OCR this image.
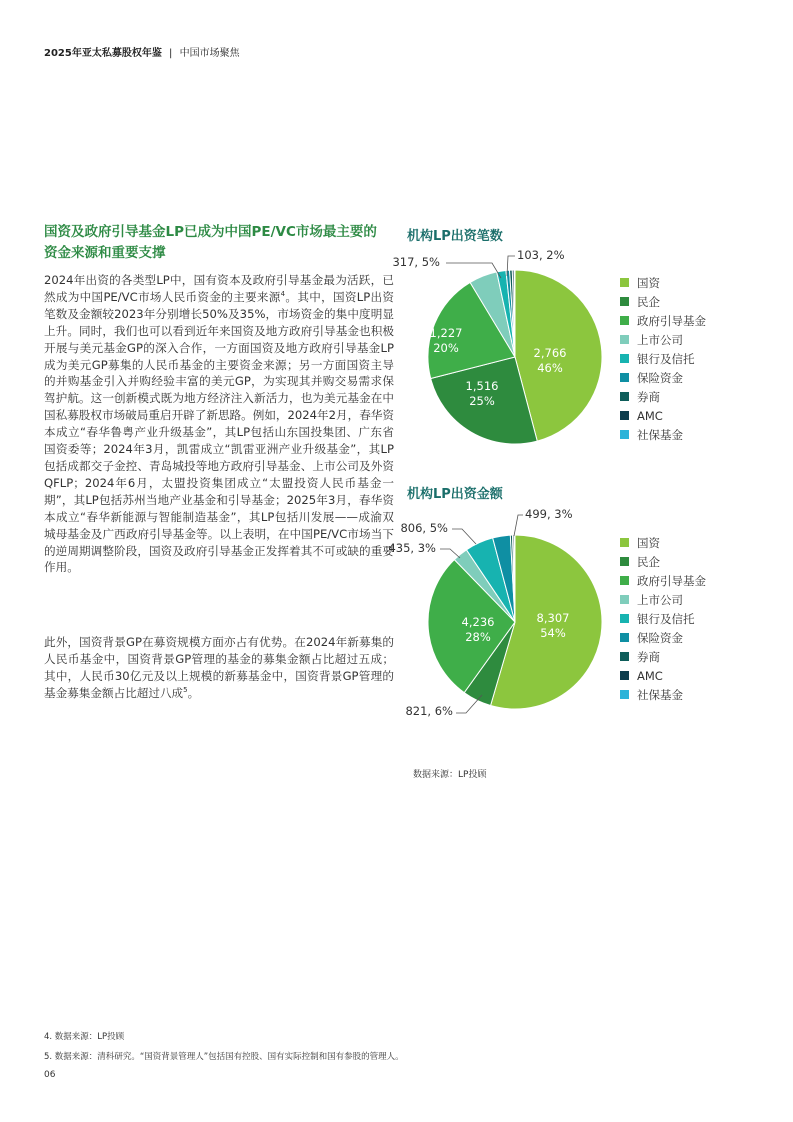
2025年亚太私募股权年鉴 | 中国市场聚焦
国资及政府引导基金LP已成为中国PE/VC市场最主要的资金来源和重要支撑
2024年出资的各类型LP中，国有资本及政府引导基金最为活跃，已然成为中国PE/VC市场人民币资金的主要来源$^4$。其中，国资LP出资笔数及金额较2023年分别增长50%及35%，市场资金的集中度明显上升。同时，我们也可以看到近年来国资及地方政府引导基金也积极开展与美元基金GP的深入合作，一方面国资及地方政府引导基金LP成为美元GP募集的人民币基金的主要资金来源；另一方面国资主导的并购基金引入并购经验丰富的美元GP，为实现其并购交易需求保驾护航。这一创新模式既为地方经济注入新活力，也为美元基金在中国私募股权市场破局重启开辟了新思路。例如，2024年2月，春华资本成立“春华鲁粤产业升级基金”，其LP包括山东国投集团、广东省国资委等；2024年3月，凯雷成立“凯雷亚洲产业升级基金”，其LP包括成都交子金控、青岛城投等地方政府引导基金、上市公司及外资QFLP；2024年6月，太盟投资集团成立“太盟投资人民币基金一期”，其LP包括苏州当地产业基金和引导基金；2025年3月，春华资本成立“春华新能源与智能制造基金”，其LP包括川发展——成渝双城母基金及广西政府引导基金等。以上表明，在中国PE/VC市场当下的逆周期调整阶段，国资及政府引导基金正发挥着其不可或缺的重要作用。
此外，国资背景GP在募资规模方面亦占有优势。在2024年新募集的人民币基金中，国资背景GP管理的基金的募集金额占比超过五成；其中，人民币30亿元及以上规模的新募基金中，国资背景GP管理的基金募集金额占比超过八成$^5$。
机构LP出资笔数
2,766 46%
1,516 25%
1,227 20%
317, 5%	103, 2%
国资
民企
政府引导基金
上市公司
银行及信托
保险资金
券商
AMC
社保基金
机构LP出资金额
8,307 54%
821, 6%
4,236 28%
435, 3%
806, 5%
499, 3%
国资
民企
政府引导基金
上市公司
银行及信托
保险资金
券商
AMC
社保基金
数据来源：LP投顾
4. 数据来源：LP投顾
5. 数据来源：清科研究。“国资背景管理人”包括国有控股、国有实际控制和国有参股的管理人。
06
